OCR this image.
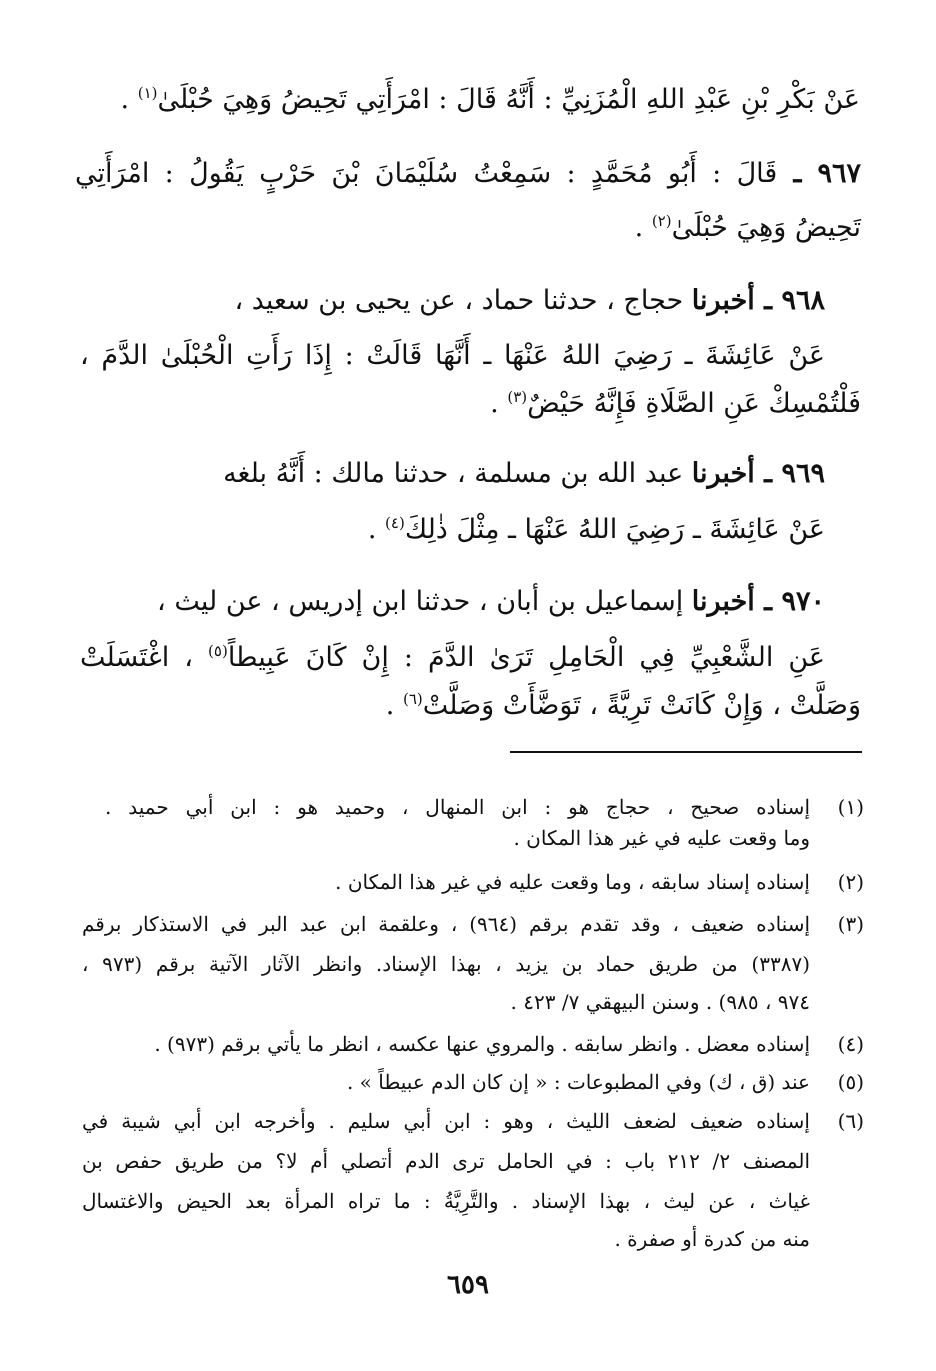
عَنْ بَكْرِ بْنِ عَبْدِ اللهِ الْمُزَنِيِّ : أَنَّهُ قَالَ : امْرَأَتِي تَحِيضُ وَهِيَ حُبْلَىٰ$^{(١)}$ .
٩٦٧ ـ قَالَ : أَبُو مُحَمَّدٍ : سَمِعْتُ سُلَيْمَانَ بْنَ حَرْبٍ يَقُولُ : امْرَأَتِي
تَحِيضُ وَهِيَ حُبْلَىٰ$^{(٢)}$ .
٩٦٨ ـ أخبرنا حجاج ، حدثنا حماد ، عن يحيى بن سعيد ،
عَنْ عَائِشَةَ ـ رَضِيَ اللهُ عَنْهَا ـ أَنَّهَا قَالَتْ : إِذَا رَأَتِ الْحُبْلَىٰ الدَّمَ ،
فَلْتُمْسِكْ عَنِ الصَّلَاةِ فَإِنَّهُ حَيْضٌ$^{(٣)}$ .
٩٦٩ ـ أخبرنا عبد الله بن مسلمة ، حدثنا مالك : أَنَّهُ بلغه
عَنْ عَائِشَةَ ـ رَضِيَ اللهُ عَنْهَا ـ مِثْلَ ذٰلِكَ$^{(٤)}$ .
٩٧٠ ـ أخبرنا إسماعيل بن أبان ، حدثنا ابن إدريس ، عن ليث ،
عَنِ الشَّعْبِيِّ فِي الْحَامِلِ تَرَىٰ الدَّمَ : إِنْ كَانَ عَبِيطاً$^{(٥)}$ ، اغْتَسَلَتْ
وَصَلَّتْ ، وَإِنْ كَانَتْ تَرِيَّةً ، تَوَضَّأَتْ وَصَلَّتْ$^{(٦)}$ .
(١)
إسناده صحيح ، حجاج هو : ابن المنهال ، وحميد هو : ابن أبي حميد .
وما وقعت عليه في غير هذا المكان .
(٢)
إسناده إسناد سابقه ، وما وقعت عليه في غير هذا المكان .
(٣)
إسناده ضعيف ، وقد تقدم برقم (٩٦٤) ، وعلقمة ابن عبد البر في الاستذكار برقم
(٣٣٨٧) من طريق حماد بن يزيد ، بهذا الإسناد. وانظر الآثار الآتية برقم (٩٧٣ ،
٩٧٤ ، ٩٨٥) . وسنن البيهقي ٧/ ٤٢٣ .
(٤)
إسناده معضل . وانظر سابقه . والمروي عنها عكسه ، انظر ما يأتي برقم (٩٧٣) .
(٥)
عند (ق ، ك) وفي المطبوعات : « إن كان الدم عبيطاً » .
(٦)
إسناده ضعيف لضعف الليث ، وهو : ابن أبي سليم . وأخرجه ابن أبي شيبة في
المصنف ٢/ ٢١٢ باب : في الحامل ترى الدم أتصلي أم لا؟ من طريق حفص بن
غياث ، عن ليث ، بهذا الإسناد . والتَّرِيَّةُ : ما تراه المرأة بعد الحيض والاغتسال
منه من كدرة أو صفرة .
٦٥٩
